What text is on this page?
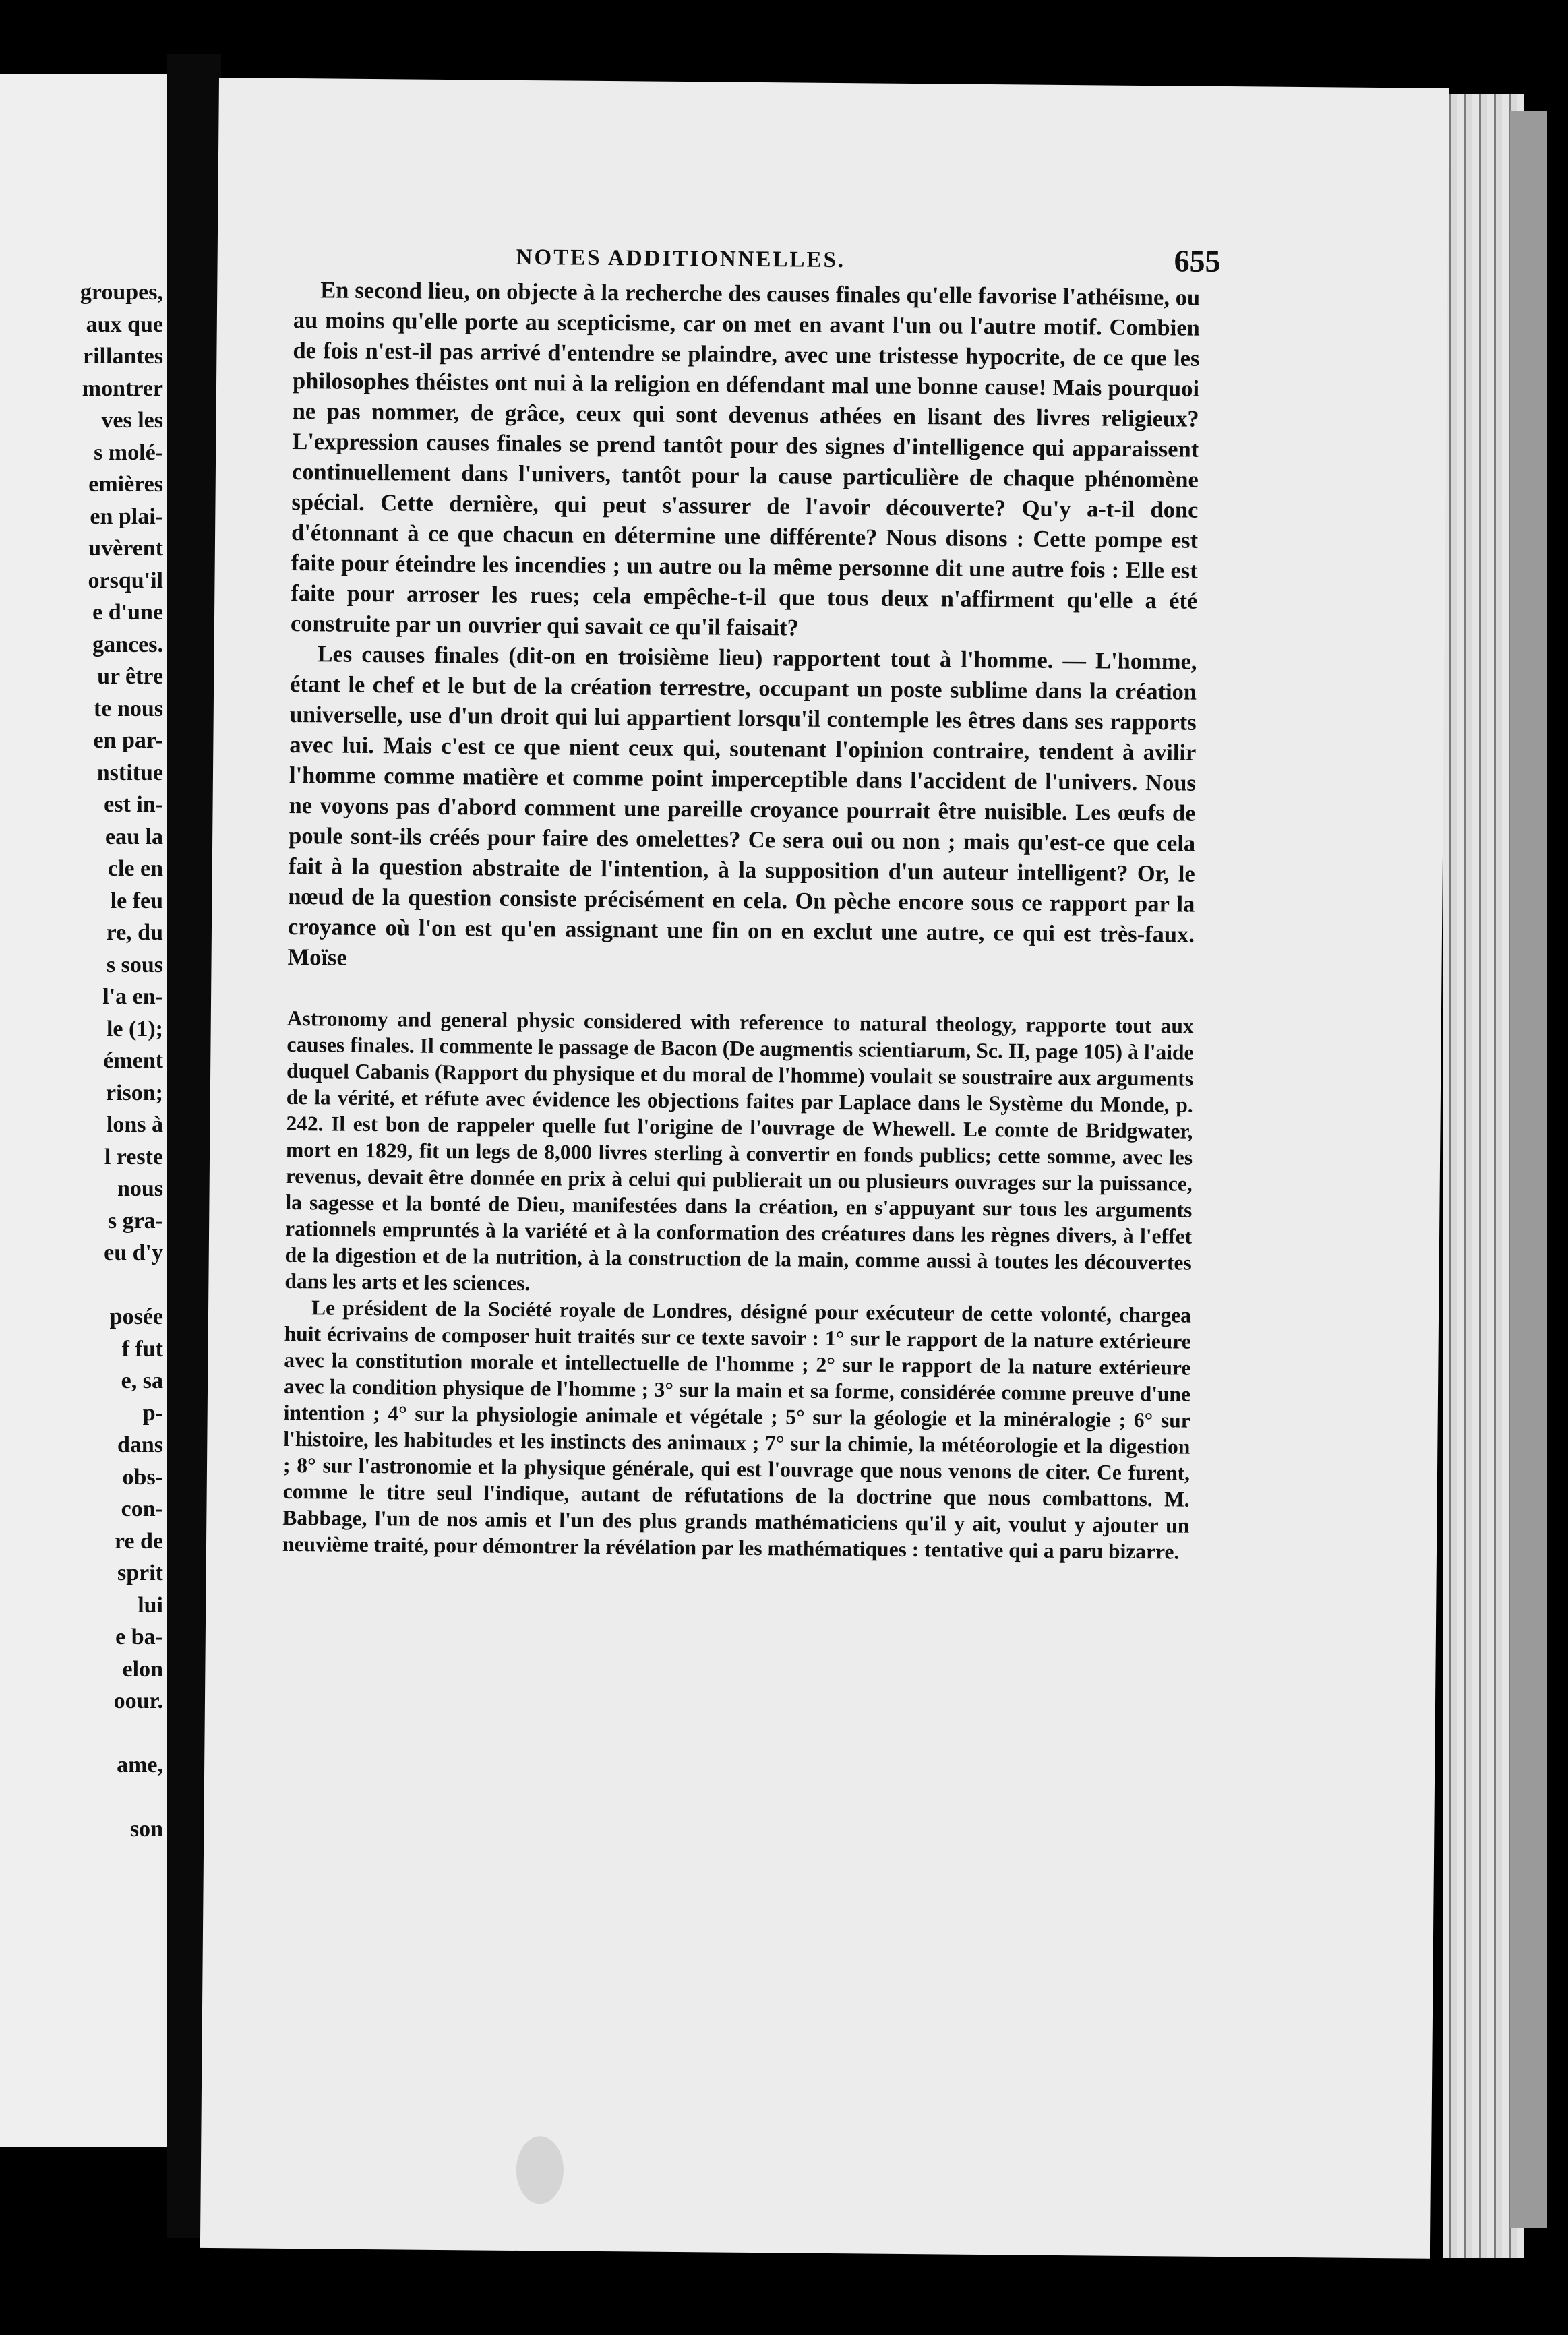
groupes,
aux que
rillantes
montrer
ves les
s molé-
emières
en plai-
uvèrent
orsqu'il
e d'une
gances.
ur être
te nous
en par-
nstitue
est in-
eau la
cle en
le feu
re, du
s sous
l'a en-
le (1);
ément
rison;
lons à
l reste
nous
s gra-
eu d'y

posée
f fut
e, sa
p-
dans
obs-
con-
re de
sprit
lui
e ba-
elon
oour.

ame,

son
NOTES ADDITIONNELLES.	655

En second lieu, on objecte à la recherche des causes finales qu'elle favorise l'athéisme, ou au moins qu'elle porte au scepticisme, car on met en avant l'un ou l'autre motif. Combien de fois n'est-il pas arrivé d'entendre se plaindre, avec une tristesse hypocrite, de ce que les philosophes théistes ont nui à la religion en défendant mal une bonne cause! Mais pourquoi ne pas nommer, de grâce, ceux qui sont devenus athées en lisant des livres religieux? L'expression causes finales se prend tantôt pour des signes d'intelligence qui apparaissent continuellement dans l'univers, tantôt pour la cause particulière de chaque phénomène spécial. Cette dernière, qui peut s'assurer de l'avoir découverte? Qu'y a-t-il donc d'étonnant à ce que chacun en détermine une différente? Nous disons : Cette pompe est faite pour éteindre les incendies ; un autre ou la même personne dit une autre fois : Elle est faite pour arroser les rues; cela empêche-t-il que tous deux n'affirment qu'elle a été construite par un ouvrier qui savait ce qu'il faisait?

Les causes finales (dit-on en troisième lieu) rapportent tout à l'homme. — L'homme, étant le chef et le but de la création terrestre, occupant un poste sublime dans la création universelle, use d'un droit qui lui appartient lorsqu'il contemple les êtres dans ses rapports avec lui. Mais c'est ce que nient ceux qui, soutenant l'opinion contraire, tendent à avilir l'homme comme matière et comme point imperceptible dans l'accident de l'univers. Nous ne voyons pas d'abord comment une pareille croyance pourrait être nuisible. Les œufs de poule sont-ils créés pour faire des omelettes? Ce sera oui ou non ; mais qu'est-ce que cela fait à la question abstraite de l'intention, à la supposition d'un auteur intelligent? Or, le nœud de la question consiste précisément en cela. On pèche encore sous ce rapport par la croyance où l'on est qu'en assignant une fin on en exclut une autre, ce qui est très-faux. Moïse

Astronomy and general physic considered with reference to natural theology, rapporte tout aux causes finales. Il commente le passage de Bacon (De augmentis scientiarum, Sc. II, page 105) à l'aide duquel Cabanis (Rapport du physique et du moral de l'homme) voulait se soustraire aux arguments de la vérité, et réfute avec évidence les objections faites par Laplace dans le Système du Monde, p. 242. Il est bon de rappeler quelle fut l'origine de l'ouvrage de Whewell. Le comte de Bridgwater, mort en 1829, fit un legs de 8,000 livres sterling à convertir en fonds publics; cette somme, avec les revenus, devait être donnée en prix à celui qui publierait un ou plusieurs ouvrages sur la puissance, la sagesse et la bonté de Dieu, manifestées dans la création, en s'appuyant sur tous les arguments rationnels empruntés à la variété et à la conformation des créatures dans les règnes divers, à l'effet de la digestion et de la nutrition, à la construction de la main, comme aussi à toutes les découvertes dans les arts et les sciences.

Le président de la Société royale de Londres, désigné pour exécuteur de cette volonté, chargea huit écrivains de composer huit traités sur ce texte savoir : 1° sur le rapport de la nature extérieure avec la constitution morale et intellectuelle de l'homme ; 2° sur le rapport de la nature extérieure avec la condition physique de l'homme ; 3° sur la main et sa forme, considérée comme preuve d'une intention ; 4° sur la physiologie animale et végétale ; 5° sur la géologie et la minéralogie ; 6° sur l'histoire, les habitudes et les instincts des animaux ; 7° sur la chimie, la météorologie et la digestion ; 8° sur l'astronomie et la physique générale, qui est l'ouvrage que nous venons de citer. Ce furent, comme le titre seul l'indique, autant de réfutations de la doctrine que nous combattons. M. Babbage, l'un de nos amis et l'un des plus grands mathématiciens qu'il y ait, voulut y ajouter un neuvième traité, pour démontrer la révélation par les mathématiques : tentative qui a paru bizarre.
